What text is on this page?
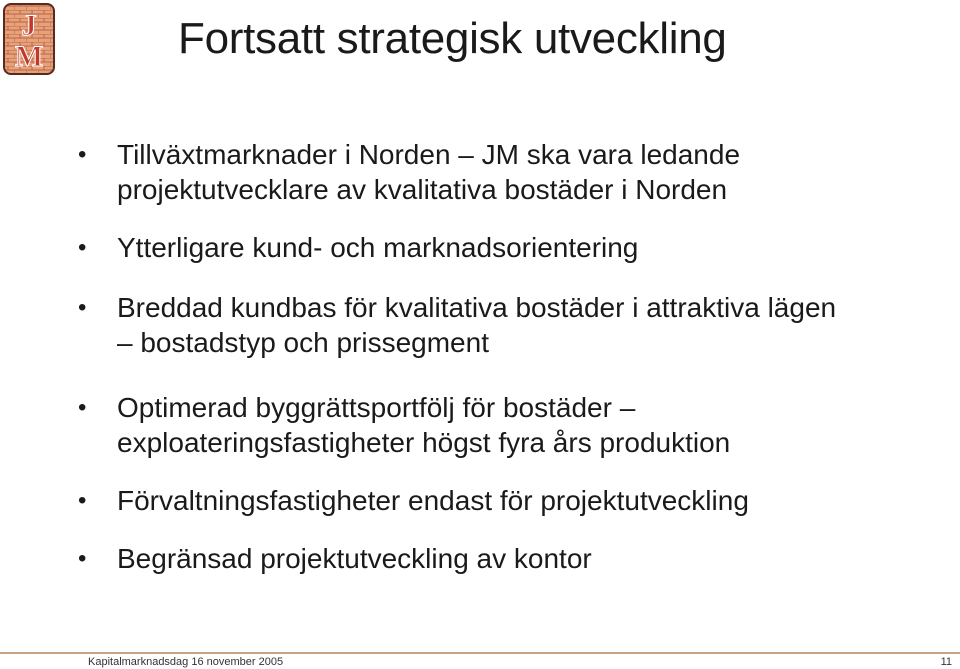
J
M	Fortsatt strategisk utveckling
• Tillväxtmarknader i Norden – JM ska vara ledande
projektutvecklare av kvalitativa bostäder i Norden
• Ytterligare kund- och marknadsorientering
• Breddad kundbas för kvalitativa bostäder i attraktiva lägen
– bostadstyp och prissegment
• Optimerad byggrättsportfölj för bostäder –
exploateringsfastigheter högst fyra års produktion
• Förvaltningsfastigheter endast för projektutveckling
• Begränsad projektutveckling av kontor
Kapitalmarknadsdag 16 november 2005	11
